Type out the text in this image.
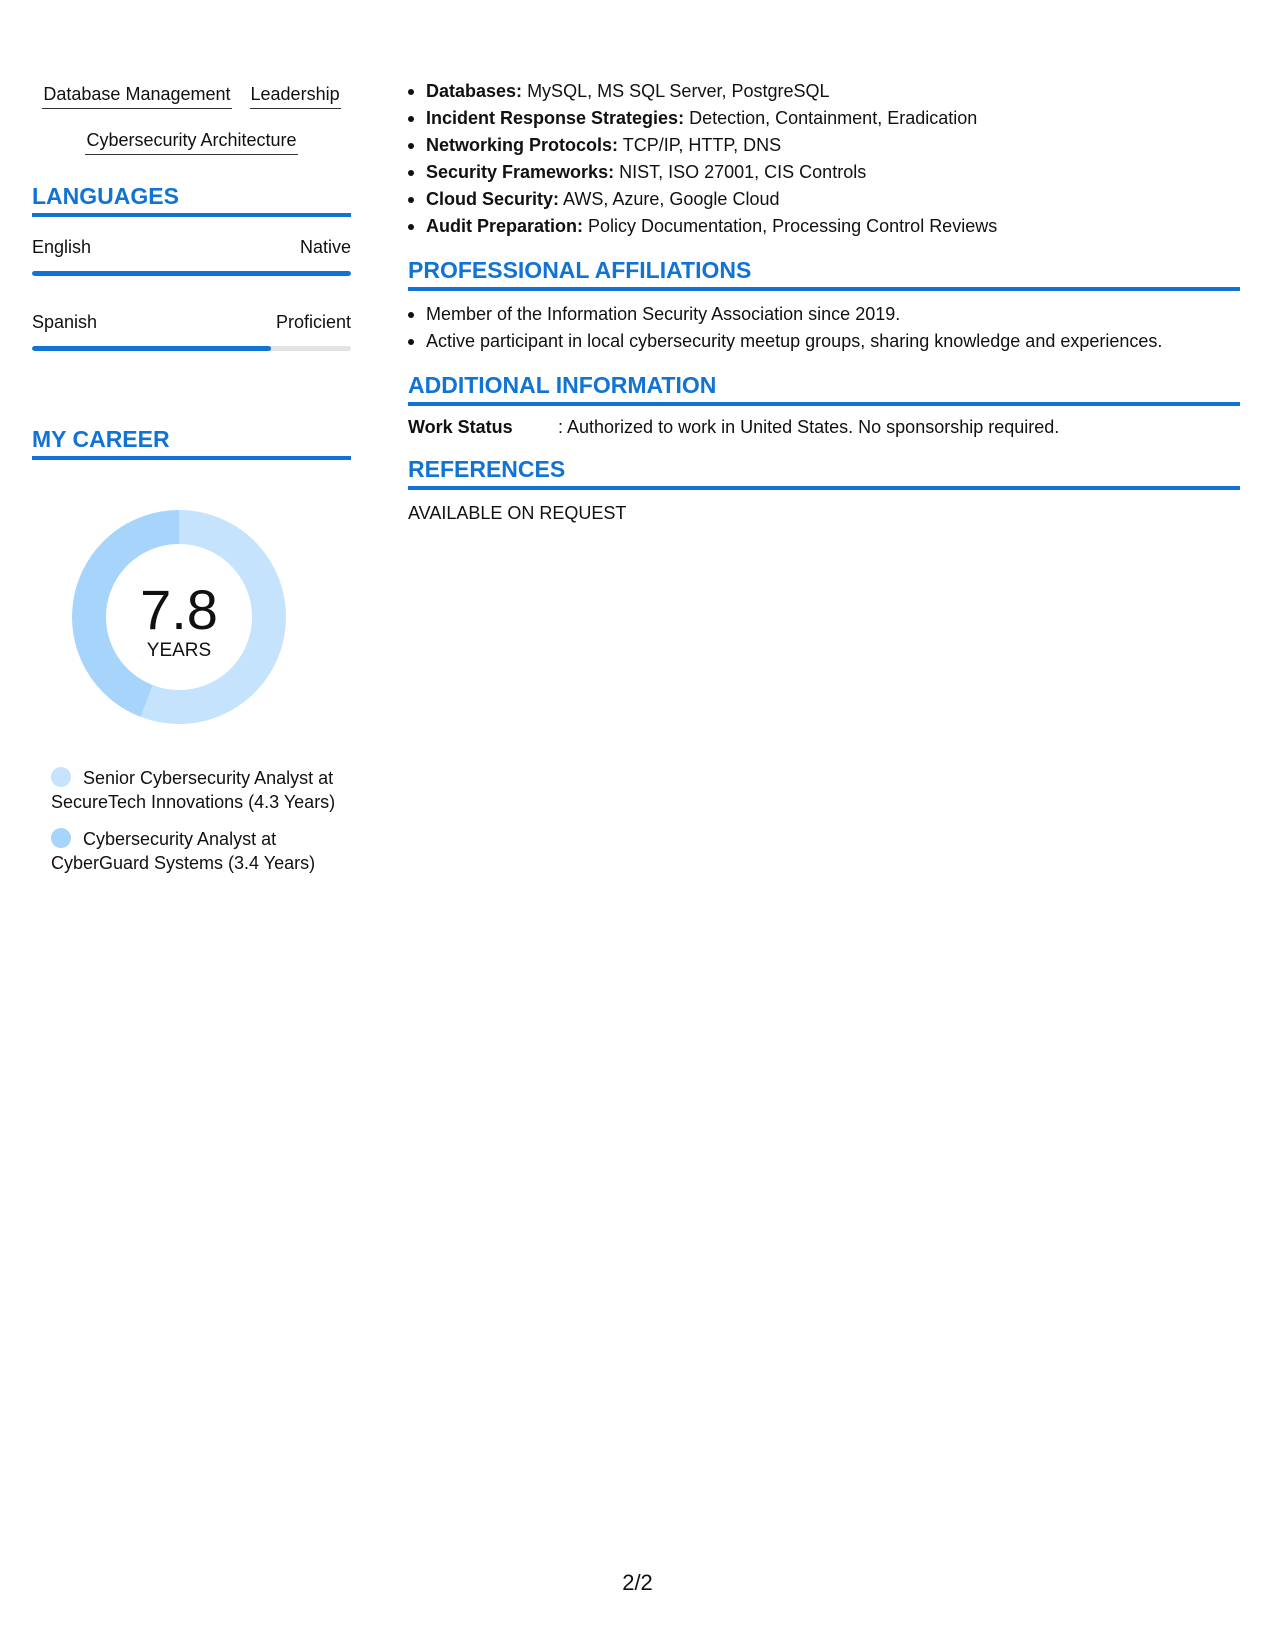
Database Management Leadership
Cybersecurity Architecture
LANGUAGES
English	Native
Spanish	Proficient
MY CAREER
7.8
YEARS
Senior Cybersecurity Analyst at SecureTech Innovations (4.3 Years)
Cybersecurity Analyst at CyberGuard Systems (3.4 Years)
Databases: MySQL, MS SQL Server, PostgreSQL
Incident Response Strategies: Detection, Containment, Eradication
Networking Protocols: TCP/IP, HTTP, DNS
Security Frameworks: NIST, ISO 27001, CIS Controls
Cloud Security: AWS, Azure, Google Cloud
Audit Preparation: Policy Documentation, Processing Control Reviews
PROFESSIONAL AFFILIATIONS
Member of the Information Security Association since 2019.
Active participant in local cybersecurity meetup groups, sharing knowledge and experiences.
ADDITIONAL INFORMATION
Work Status	: Authorized to work in United States. No sponsorship required.
REFERENCES
AVAILABLE ON REQUEST
2/2
